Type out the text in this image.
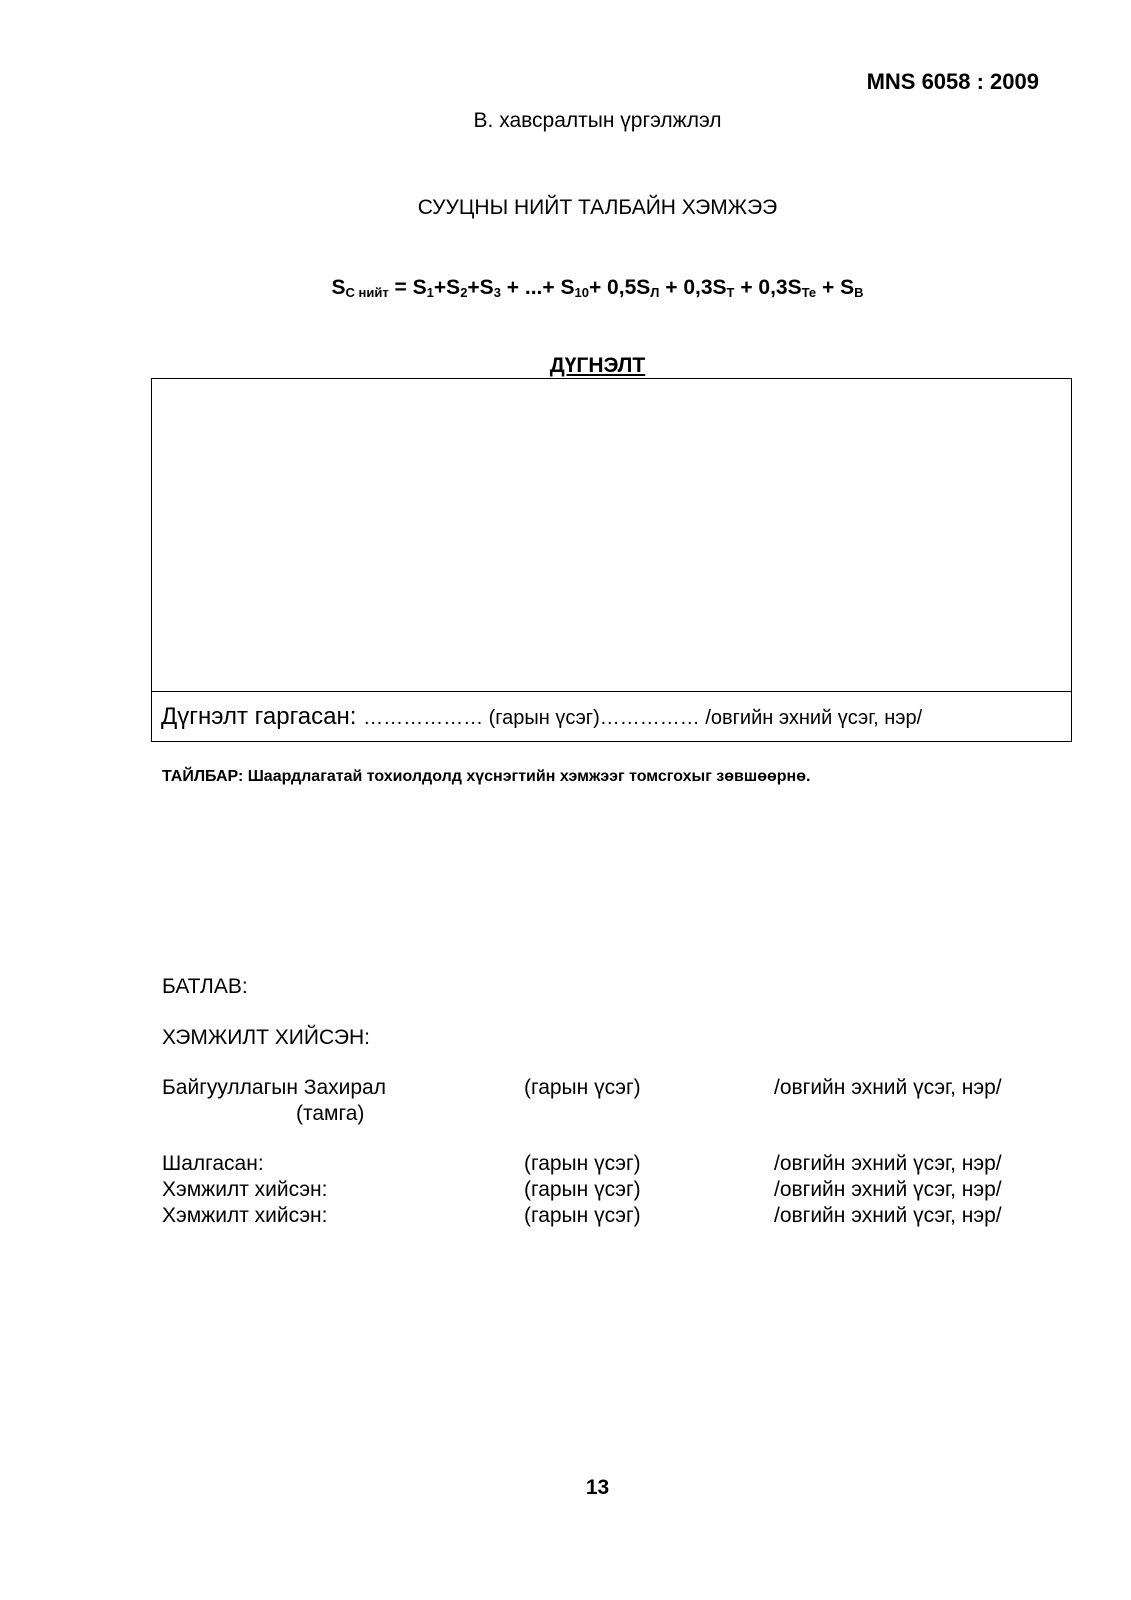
MNS 6058 : 2009
В. хавсралтын үргэлжлэл
СУУЦНЫ НИЙТ ТАЛБАЙН ХЭМЖЭЭ
$S_{С нийт} = S_1+S_2+S_3$ + ...+ $S_{10}+ 0,5S_Л + 0,3S_Т + 0,3S_{Те} + S_В$
ДҮГНЭЛТ
Дүгнэлт гаргасан: ……………… (гарын үсэг)…………… /овгийн эхний үсэг, нэр/
ТАЙЛБАР: Шаардлагатай тохиолдолд хүснэгтийн хэмжээг томсгохыг зөвшөөрнө.
БАТЛАВ:
ХЭМЖИЛТ ХИЙСЭН:
Байгууллагын Захирал	(гарын үсэг)	/овгийн эхний үсэг, нэр/
(тамга)
Шалгасан:	(гарын үсэг)	/овгийн эхний үсэг, нэр/
Хэмжилт хийсэн:	(гарын үсэг)	/овгийн эхний үсэг, нэр/
Хэмжилт хийсэн:	(гарын үсэг)	/овгийн эхний үсэг, нэр/
13
